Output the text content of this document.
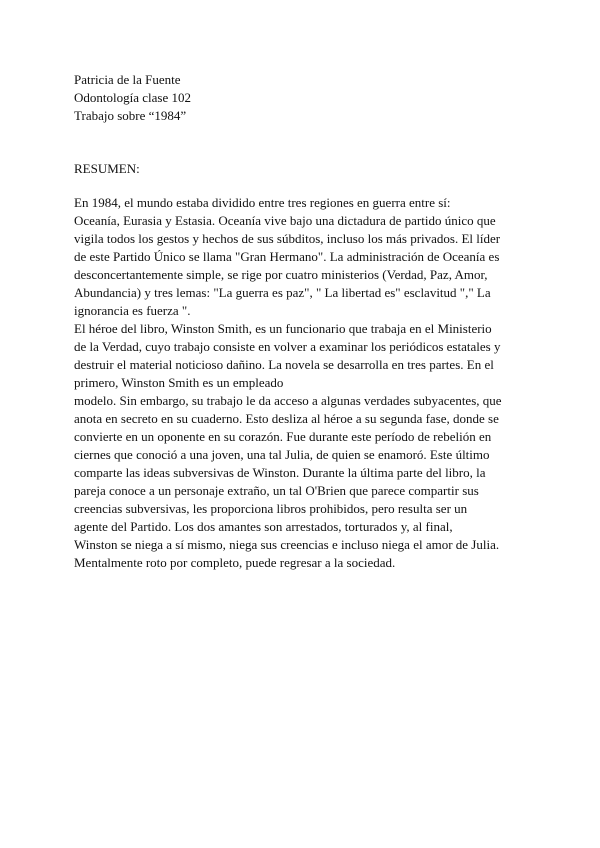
Patricia de la Fuente
Odontología clase 102
Trabajo sobre “1984”
RESUMEN:
En 1984, el mundo estaba dividido entre tres regiones en guerra entre sí:
Oceanía, Eurasia y Estasia. Oceanía vive bajo una dictadura de partido único que
vigila todos los gestos y hechos de sus súbditos, incluso los más privados. El líder
de este Partido Único se llama "Gran Hermano". La administración de Oceanía es
desconcertantemente simple, se rige por cuatro ministerios (Verdad, Paz, Amor,
Abundancia) y tres lemas: "La guerra es paz", " La libertad es" esclavitud "," La
ignorancia es fuerza ".
El héroe del libro, Winston Smith, es un funcionario que trabaja en el Ministerio
de la Verdad, cuyo trabajo consiste en volver a examinar los periódicos estatales y
destruir el material noticioso dañino. La novela se desarrolla en tres partes. En el
primero, Winston Smith es un empleado
modelo. Sin embargo, su trabajo le da acceso a algunas verdades subyacentes, que
anota en secreto en su cuaderno. Esto desliza al héroe a su segunda fase, donde se
convierte en un oponente en su corazón. Fue durante este período de rebelión en
ciernes que conoció a una joven, una tal Julia, de quien se enamoró. Este último
comparte las ideas subversivas de Winston. Durante la última parte del libro, la
pareja conoce a un personaje extraño, un tal O'Brien que parece compartir sus
creencias subversivas, les proporciona libros prohibidos, pero resulta ser un
agente del Partido. Los dos amantes son arrestados, torturados y, al final,
Winston se niega a sí mismo, niega sus creencias e incluso niega el amor de Julia.
Mentalmente roto por completo, puede regresar a la sociedad.
